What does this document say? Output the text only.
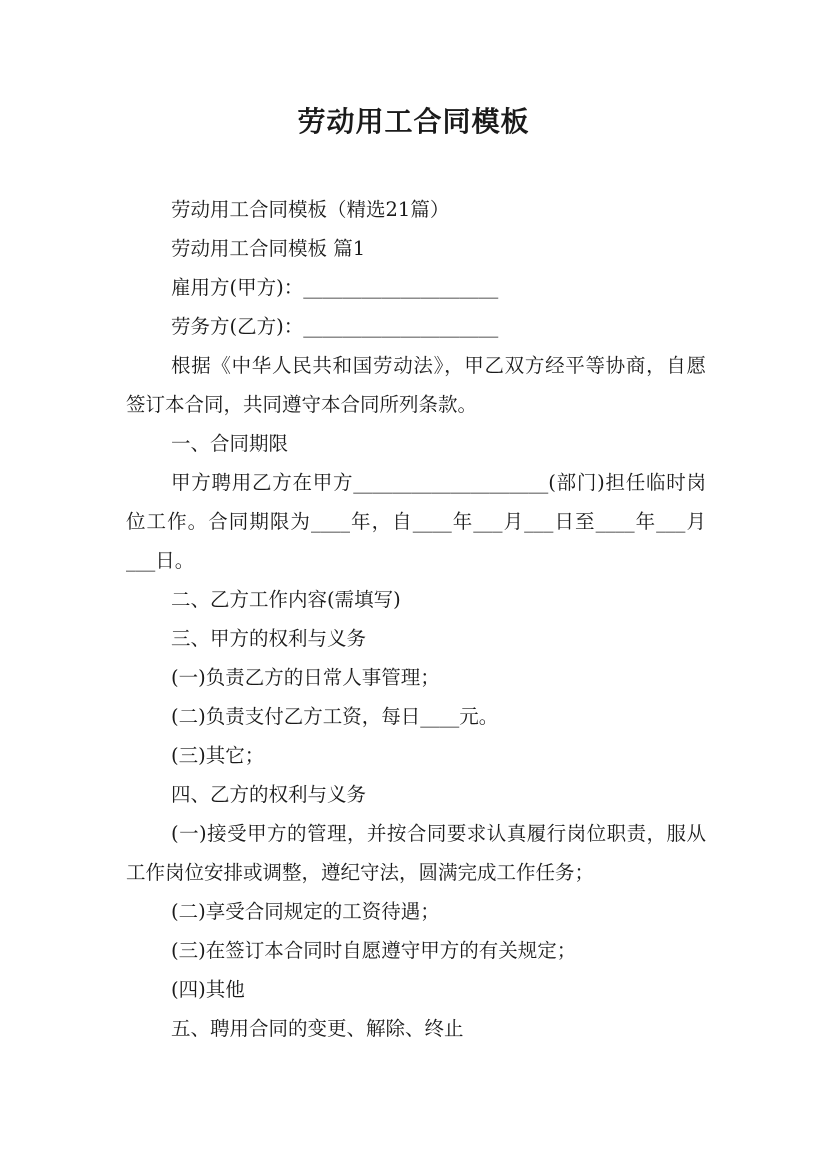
劳动用工合同模板

劳动用工合同模板（精选21篇）

劳动用工合同模板 篇1

雇用方(甲方)：____________________

劳务方(乙方)：____________________

根据《中华人民共和国劳动法》，甲乙双方经平等协商，自愿签订本合同，共同遵守本合同所列条款。

一、合同期限

甲方聘用乙方在甲方____________________(部门)担任临时岗位工作。合同期限为____年，自____年___月___日至____年___月___日。

二、乙方工作内容(需填写)

三、甲方的权利与义务

(一)负责乙方的日常人事管理；

(二)负责支付乙方工资，每日____元。

(三)其它；

四、乙方的权利与义务

(一)接受甲方的管理，并按合同要求认真履行岗位职责，服从工作岗位安排或调整，遵纪守法，圆满完成工作任务；

(二)享受合同规定的工资待遇；

(三)在签订本合同时自愿遵守甲方的有关规定；

(四)其他

五、聘用合同的变更、解除、终止
